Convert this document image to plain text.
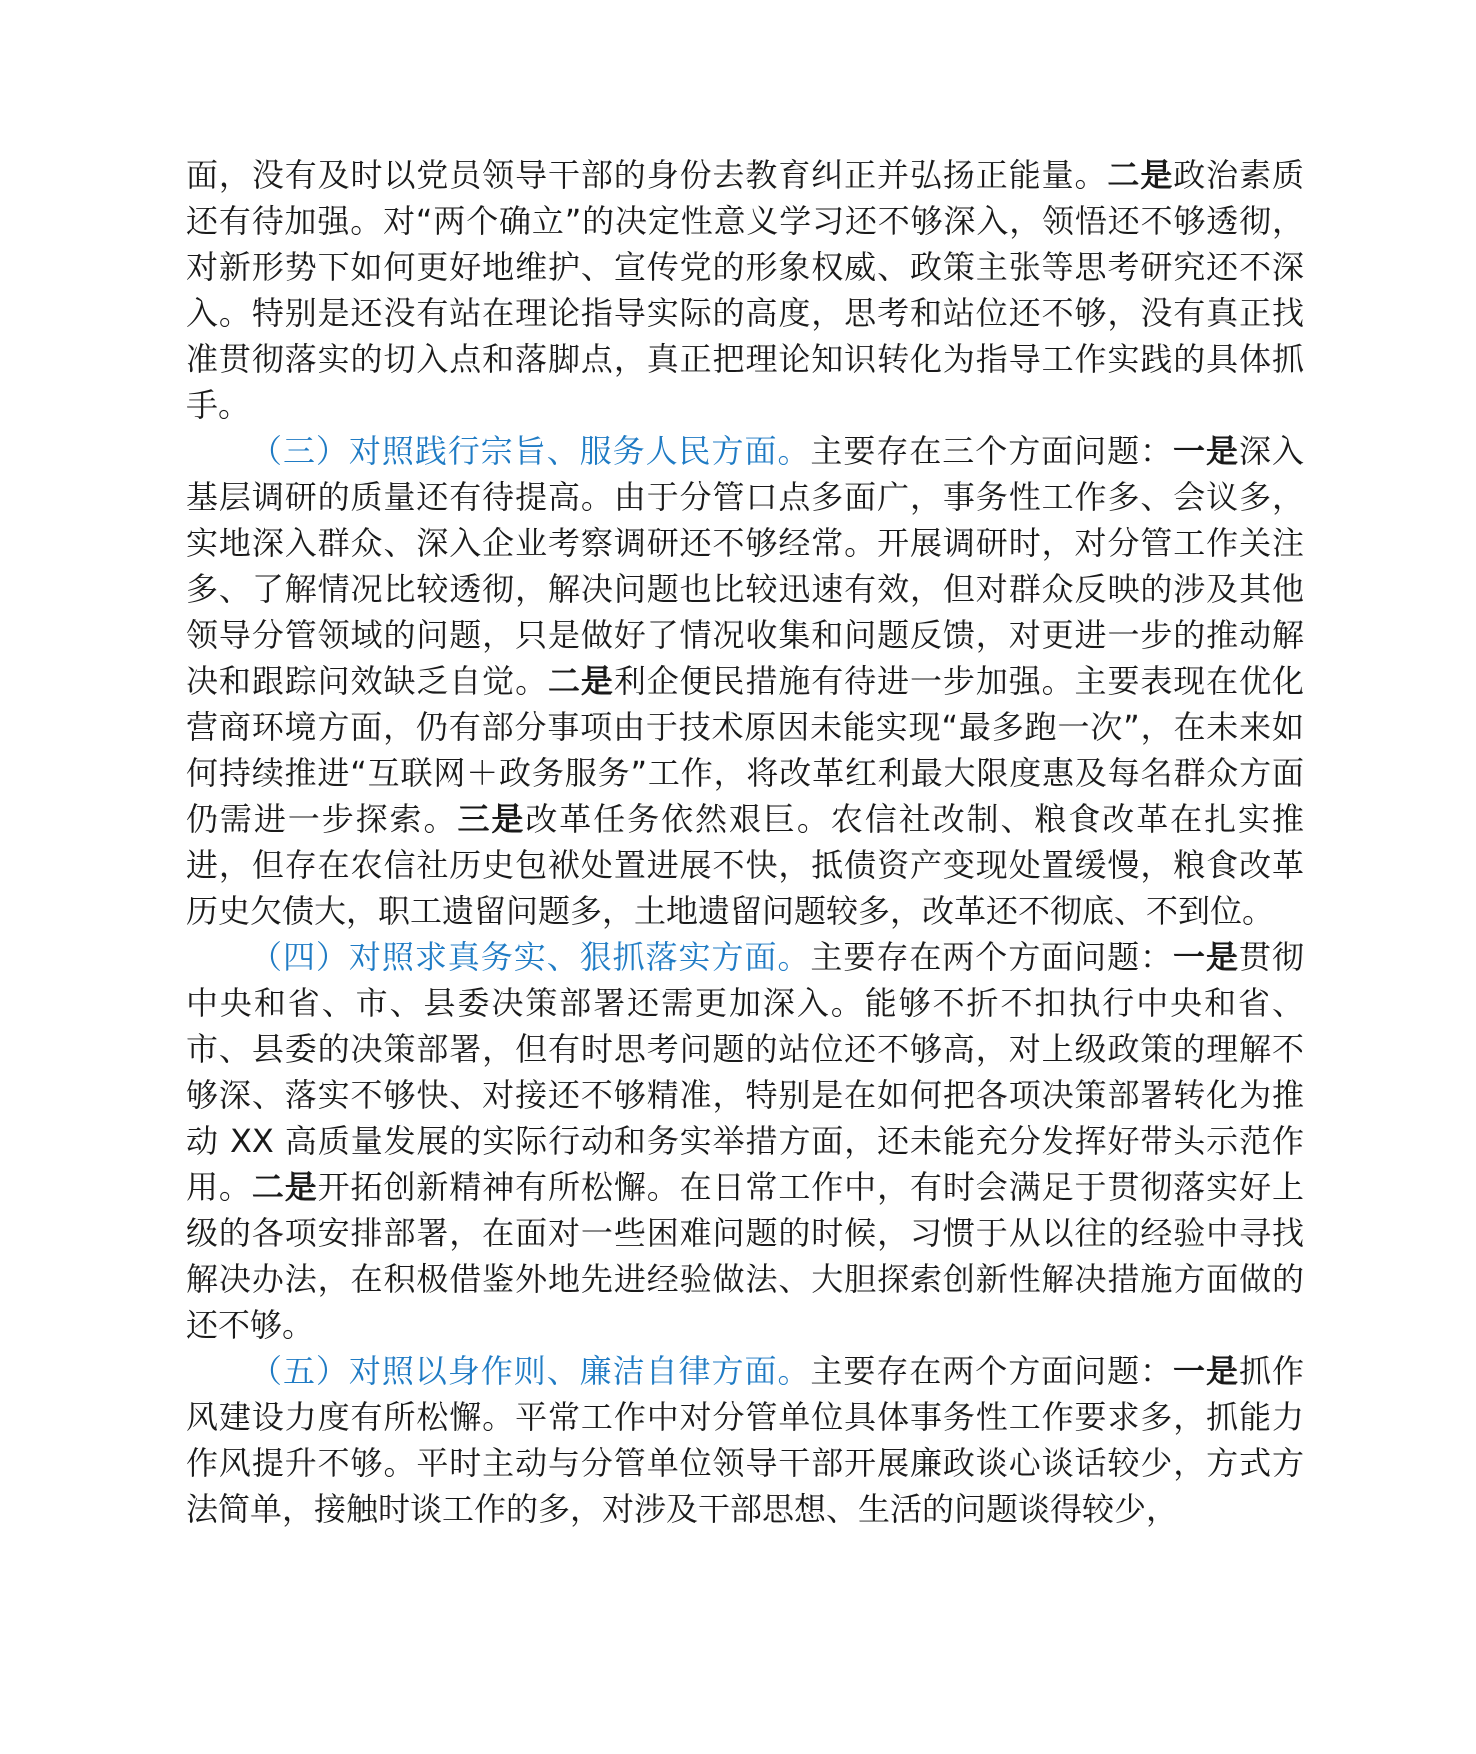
面，没有及时以党员领导干部的身份去教育纠正并弘扬正能量。二是政治素质还有待加强。对“两个确立”的决定性意义学习还不够深入，领悟还不够透彻，对新形势下如何更好地维护、宣传党的形象权威、政策主张等思考研究还不深入。特别是还没有站在理论指导实际的高度，思考和站位还不够，没有真正找准贯彻落实的切入点和落脚点，真正把理论知识转化为指导工作实践的具体抓手。

（三）对照践行宗旨、服务人民方面。主要存在三个方面问题：一是深入基层调研的质量还有待提高。由于分管口点多面广，事务性工作多、会议多，实地深入群众、深入企业考察调研还不够经常。开展调研时，对分管工作关注多、了解情况比较透彻，解决问题也比较迅速有效，但对群众反映的涉及其他领导分管领域的问题，只是做好了情况收集和问题反馈，对更进一步的推动解决和跟踪问效缺乏自觉。二是利企便民措施有待进一步加强。主要表现在优化营商环境方面，仍有部分事项由于技术原因未能实现“最多跑一次”，在未来如何持续推进“互联网＋政务服务”工作，将改革红利最大限度惠及每名群众方面仍需进一步探索。三是改革任务依然艰巨。农信社改制、粮食改革在扎实推进，但存在农信社历史包袱处置进展不快，抵债资产变现处置缓慢，粮食改革历史欠债大，职工遗留问题多，土地遗留问题较多，改革还不彻底、不到位。

（四）对照求真务实、狠抓落实方面。主要存在两个方面问题：一是贯彻中央和省、市、县委决策部署还需更加深入。能够不折不扣执行中央和省、市、县委的决策部署，但有时思考问题的站位还不够高，对上级政策的理解不够深、落实不够快、对接还不够精准，特别是在如何把各项决策部署转化为推动 XX 高质量发展的实际行动和务实举措方面，还未能充分发挥好带头示范作用。二是开拓创新精神有所松懈。在日常工作中，有时会满足于贯彻落实好上级的各项安排部署，在面对一些困难问题的时候，习惯于从以往的经验中寻找解决办法，在积极借鉴外地先进经验做法、大胆探索创新性解决措施方面做的还不够。

（五）对照以身作则、廉洁自律方面。主要存在两个方面问题：一是抓作风建设力度有所松懈。平常工作中对分管单位具体事务性工作要求多，抓能力作风提升不够。平时主动与分管单位领导干部开展廉政谈心谈话较少，方式方法简单，接触时谈工作的多，对涉及干部思想、生活的问题谈得较少，
